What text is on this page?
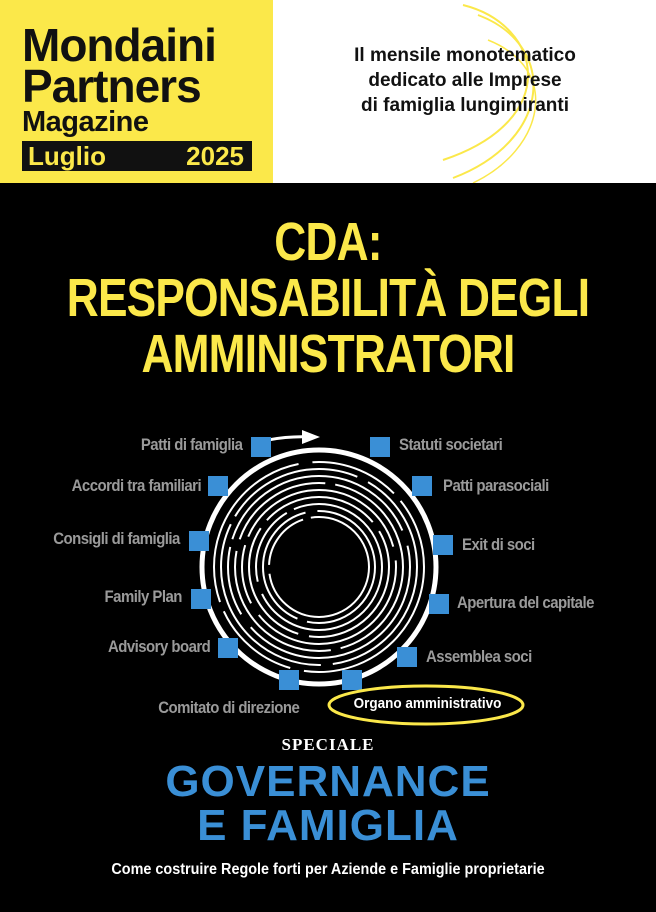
Mondaini
Partners
Magazine
Luglio	2025
Il mensile monotematico
dedicato alle Imprese
di famiglia lungimiranti
CDA:
RESPONSABILITÀ DEGLI
AMMINISTRATORI
Patti di famiglia
Accordi tra familiari
Consigli di famiglia
Family Plan
Advisory board
Comitato di direzione
Statuti societari
Patti parasociali
Exit di soci
Apertura del capitale
Assemblea soci
Organo amministrativo
SPECIALE
GOVERNANCE
E FAMIGLIA
Come costruire Regole forti per Aziende e Famiglie proprietarie
